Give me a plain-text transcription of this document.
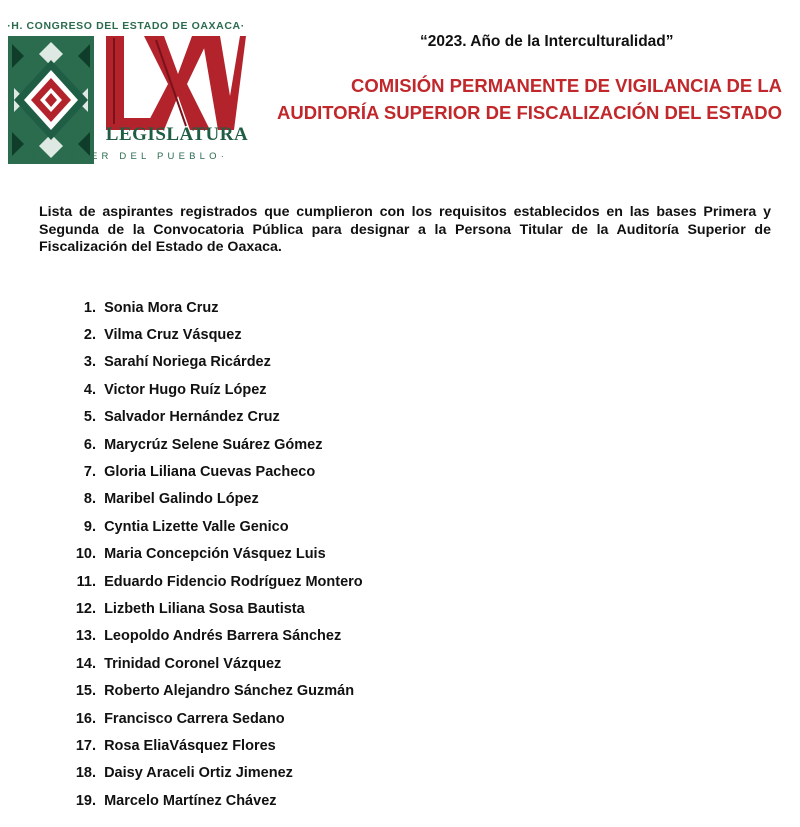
·H. CONGRESO DEL ESTADO DE OAXACA·
LEGISLATURA
·EL PODER DEL PUEBLO·
“2023. Año de la Interculturalidad”
COMISIÓN PERMANENTE DE VIGILANCIA DE LA
AUDITORÍA SUPERIOR DE FISCALIZACIÓN DEL ESTADO
Lista de aspirantes registrados que cumplieron con los requisitos establecidos en las bases Primera y Segunda de la Convocatoria Pública para designar a la Persona Titular de la Auditoría Superior de Fiscalización del Estado de Oaxaca.
1.
Sonia Mora Cruz
2.
Vilma Cruz Vásquez
3.
Sarahí Noriega Ricárdez
4.
Victor Hugo Ruíz López
5.
Salvador Hernández Cruz
6.
Marycrúz Selene Suárez Gómez
7.
Gloria Liliana Cuevas Pacheco
8.
Maribel Galindo López
9.
Cyntia Lizette Valle Genico
10.
Maria Concepción Vásquez Luis
11.
Eduardo Fidencio Rodríguez Montero
12.
Lizbeth Liliana Sosa Bautista
13.
Leopoldo Andrés Barrera Sánchez
14.
Trinidad Coronel Vázquez
15.
Roberto Alejandro Sánchez Guzmán
16.
Francisco Carrera Sedano
17.
Rosa EliaVásquez Flores
18.
Daisy Araceli Ortiz Jimenez
19.
Marcelo Martínez Chávez
